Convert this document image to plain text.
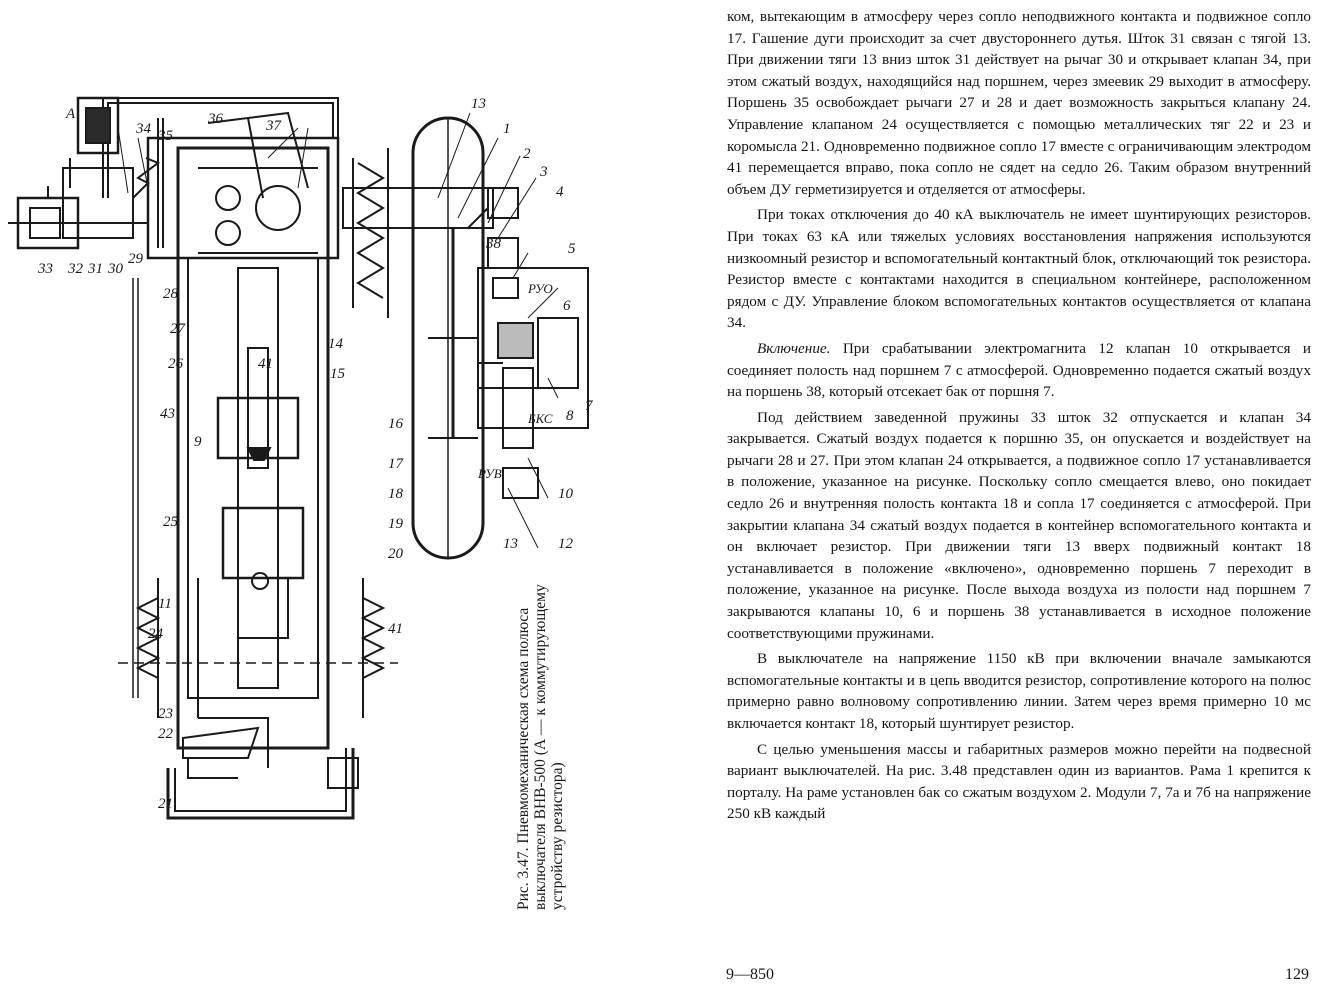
1
2
3
4
5
6
7
8
9
10
11
12
13
13
14
15
16
17
18
19
20
21
22
23
24
25
26
27
28
29
30
31
32
33
34 35
36	37
38
41
41
43
A
РУО
РУВ
БКС
Рис. 3.47. Пневмомеханическая схема полюса выключателя ВНВ-500 (А — к коммутирующему устройству резистора)

ком, вытекающим в атмосферу через сопло неподвижного контакта и подвижное сопло 17. Гашение дуги происходит за счет двустороннего дутья. Шток 31 связан с тягой 13. При движении тяги 13 вниз шток 31 действует на рычаг 30 и открывает клапан 34, при этом сжатый воздух, находящийся над поршнем, через змеевик 29 выходит в атмосферу. Поршень 35 освобождает рычаги 27 и 28 и дает возможность закрыться клапану 24. Управление клапаном 24 осуществляется с помощью металлических тяг 22 и 23 и коромысла 21. Одновременно подвижное сопло 17 вместе с ограничивающим электродом 41 перемещается вправо, пока сопло не сядет на седло 26. Таким образом внутренний объем ДУ герметизируется и отделяется от атмосферы.

При токах отключения до 40 кА выключатель не имеет шунтирующих резисторов. При токах 63 кА или тяжелых условиях восстановления напряжения используются низкоомный резистор и вспомогательный контактный блок, отключающий ток резистора. Резистор вместе с контактами находится в специальном контейнере, расположенном рядом с ДУ. Управление блоком вспомогательных контактов осуществляется от клапана 34.

Включение. При срабатывании электромагнита 12 клапан 10 открывается и соединяет полость над поршнем 7 с атмосферой. Одновременно подается сжатый воздух на поршень 38, который отсекает бак от поршня 7.

Под действием заведенной пружины 33 шток 32 отпускается и клапан 34 закрывается. Сжатый воздух подается к поршню 35, он опускается и воздействует на рычаги 28 и 27. При этом клапан 24 открывается, а подвижное сопло 17 устанавливается в положение, указанное на рисунке. Поскольку сопло смещается влево, оно покидает седло 26 и внутренняя полость контакта 18 и сопла 17 соединяется с атмосферой. При закрытии клапана 34 сжатый воздух подается в контейнер вспомогательного контакта и он включает резистор. При движении тяги 13 вверх подвижный контакт 18 устанавливается в положение «включено», одновременно поршень 7 переходит в положение, указанное на рисунке. После выхода воздуха из полости над поршнем 7 закрываются клапаны 10, 6 и поршень 38 устанавливается в исходное положение соответствующими пружинами.

В выключателе на напряжение 1150 кВ при включении вначале замыкаются вспомогательные контакты и в цепь вводится резистор, сопротивление которого на полюс примерно равно волновому сопротивлению линии. Затем через время примерно 10 мс включается контакт 18, который шунтирует резистор.

С целью уменьшения массы и габаритных размеров можно перейти на подвесной вариант выключателей. На рис. 3.48 представлен один из вариантов. Рама 1 крепится к порталу. На раме установлен бак со сжатым воздухом 2. Модули 7, 7а и 7б на напряжение 250 кВ каждый

9—850	129
